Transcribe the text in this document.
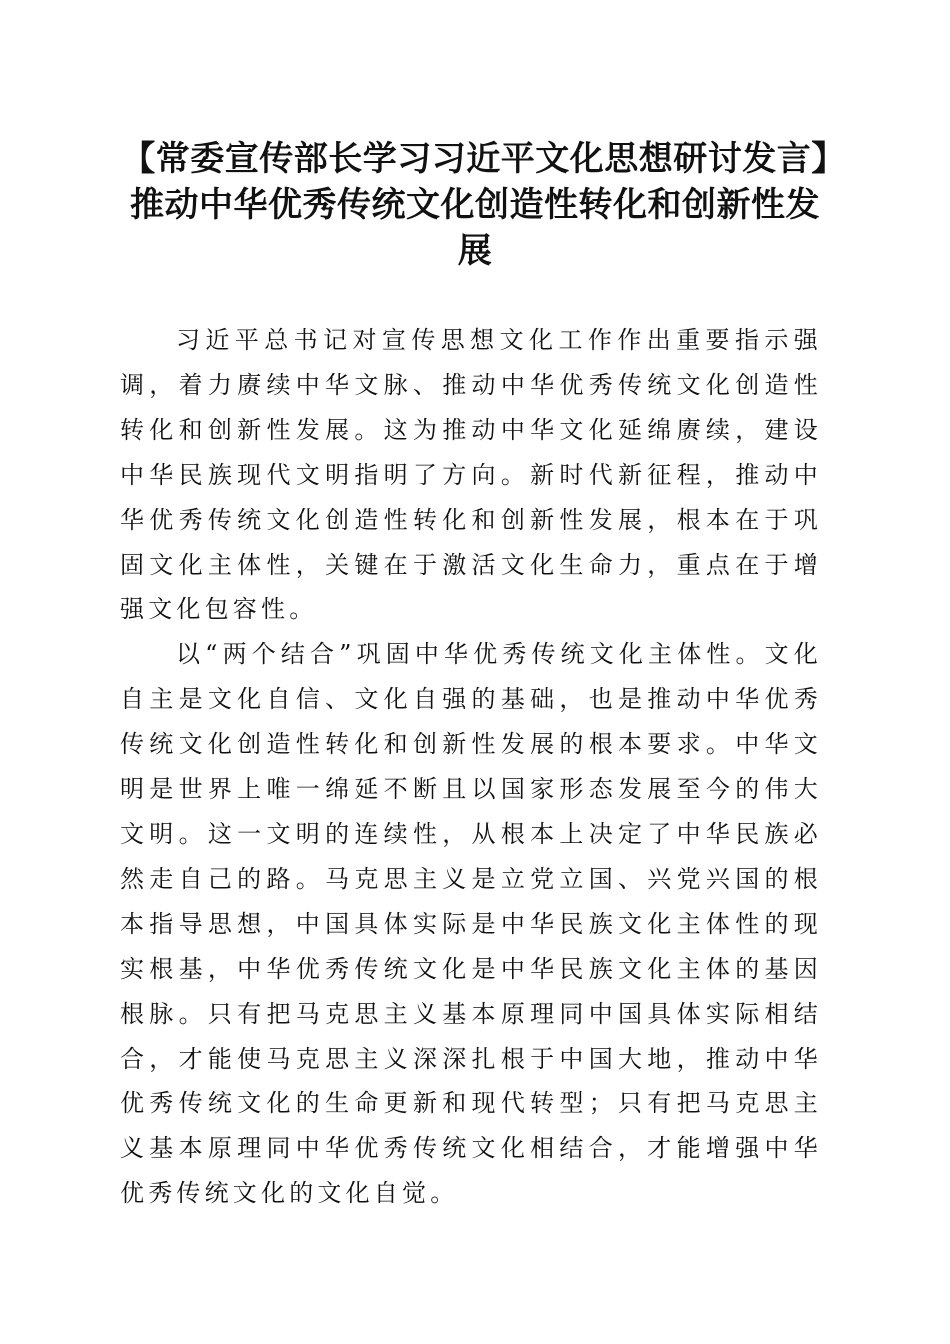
【常委宣传部长学习习近平文化思想研讨发言】推动中华优秀传统文化创造性转化和创新性发展

习近平总书记对宣传思想文化工作作出重要指示强调，着力赓续中华文脉、推动中华优秀传统文化创造性转化和创新性发展。这为推动中华文化延绵赓续，建设中华民族现代文明指明了方向。新时代新征程，推动中华优秀传统文化创造性转化和创新性发展，根本在于巩固文化主体性，关键在于激活文化生命力，重点在于增强文化包容性。

以“两个结合”巩固中华优秀传统文化主体性。文化自主是文化自信、文化自强的基础，也是推动中华优秀传统文化创造性转化和创新性发展的根本要求。中华文明是世界上唯一绵延不断且以国家形态发展至今的伟大文明。这一文明的连续性，从根本上决定了中华民族必然走自己的路。马克思主义是立党立国、兴党兴国的根本指导思想，中国具体实际是中华民族文化主体性的现实根基，中华优秀传统文化是中华民族文化主体的基因根脉。只有把马克思主义基本原理同中国具体实际相结合，才能使马克思主义深深扎根于中国大地，推动中华优秀传统文化的生命更新和现代转型；只有把马克思主义基本原理同中华优秀传统文化相结合，才能增强中华优秀传统文化的文化自觉。
